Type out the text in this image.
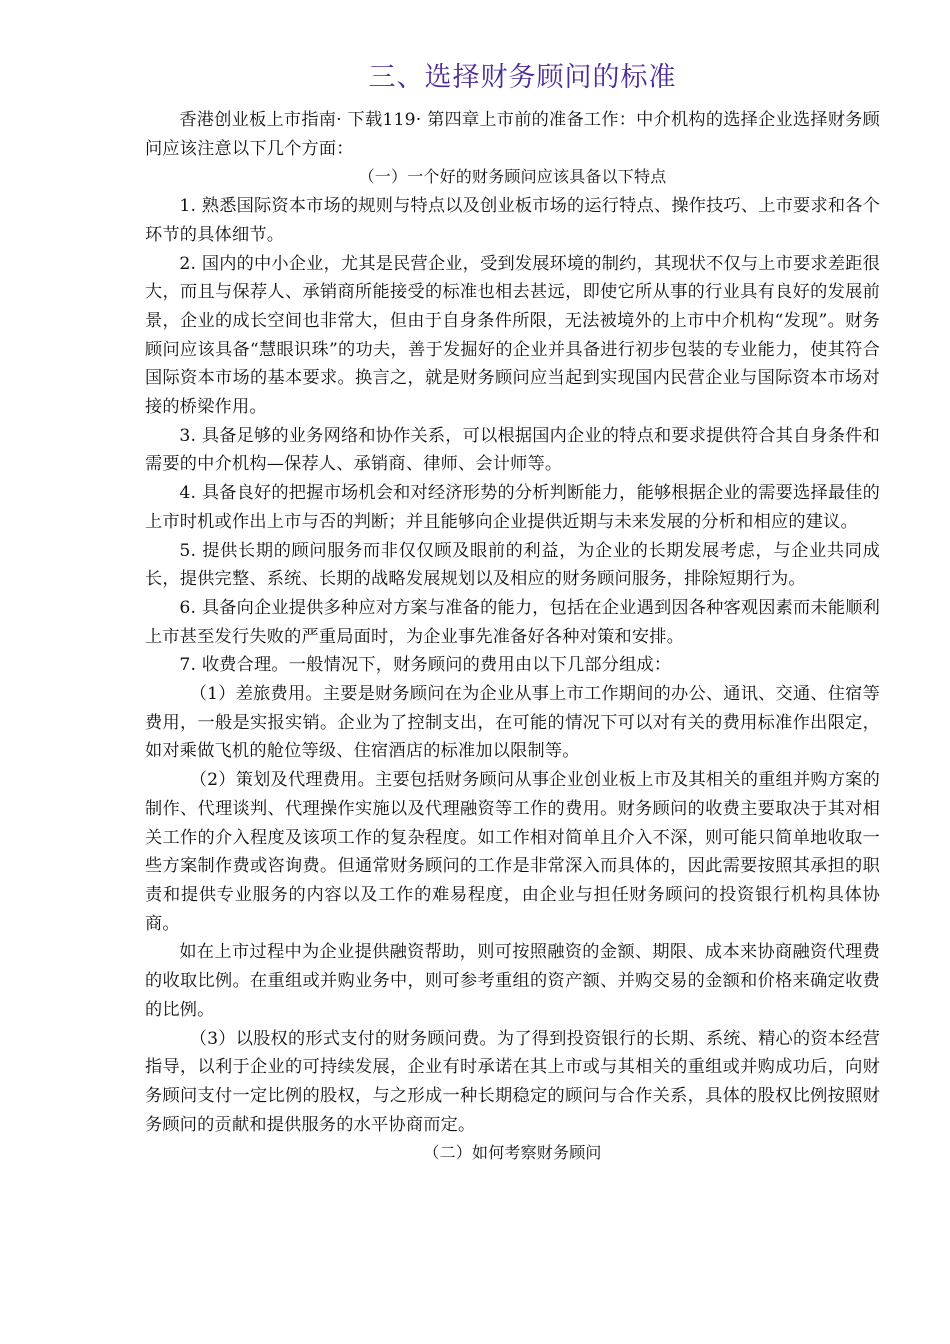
三、选择财务顾问的标准

香港创业板上市指南· 下载119· 第四章上市前的准备工作：中介机构的选择企业选择财务顾问应该注意以下几个方面：

（一）一个好的财务顾问应该具备以下特点

1. 熟悉国际资本市场的规则与特点以及创业板市场的运行特点、操作技巧、上市要求和各个环节的具体细节。

2. 国内的中小企业，尤其是民营企业，受到发展环境的制约，其现状不仅与上市要求差距很大，而且与保荐人、承销商所能接受的标准也相去甚远，即使它所从事的行业具有良好的发展前景，企业的成长空间也非常大，但由于自身条件所限，无法被境外的上市中介机构“发现”。财务顾问应该具备“慧眼识珠”的功夫，善于发掘好的企业并具备进行初步包装的专业能力，使其符合国际资本市场的基本要求。换言之，就是财务顾问应当起到实现国内民营企业与国际资本市场对接的桥梁作用。

3. 具备足够的业务网络和协作关系，可以根据国内企业的特点和要求提供符合其自身条件和需要的中介机构—保荐人、承销商、律师、会计师等。

4. 具备良好的把握市场机会和对经济形势的分析判断能力，能够根据企业的需要选择最佳的上市时机或作出上市与否的判断；并且能够向企业提供近期与未来发展的分析和相应的建议。

5. 提供长期的顾问服务而非仅仅顾及眼前的利益，为企业的长期发展考虑，与企业共同成长，提供完整、系统、长期的战略发展规划以及相应的财务顾问服务，排除短期行为。

6. 具备向企业提供多种应对方案与准备的能力，包括在企业遇到因各种客观因素而未能顺利上市甚至发行失败的严重局面时，为企业事先准备好各种对策和安排。

7. 收费合理。一般情况下，财务顾问的费用由以下几部分组成：

（1）差旅费用。主要是财务顾问在为企业从事上市工作期间的办公、通讯、交通、住宿等费用，一般是实报实销。企业为了控制支出，在可能的情况下可以对有关的费用标准作出限定，如对乘做飞机的舱位等级、住宿酒店的标准加以限制等。

（2）策划及代理费用。主要包括财务顾问从事企业创业板上市及其相关的重组并购方案的制作、代理谈判、代理操作实施以及代理融资等工作的费用。财务顾问的收费主要取决于其对相关工作的介入程度及该项工作的复杂程度。如工作相对简单且介入不深，则可能只简单地收取一些方案制作费或咨询费。但通常财务顾问的工作是非常深入而具体的，因此需要按照其承担的职责和提供专业服务的内容以及工作的难易程度，由企业与担任财务顾问的投资银行机构具体协商。

如在上市过程中为企业提供融资帮助，则可按照融资的金额、期限、成本来协商融资代理费的收取比例。在重组或并购业务中，则可参考重组的资产额、并购交易的金额和价格来确定收费的比例。

（3）以股权的形式支付的财务顾问费。为了得到投资银行的长期、系统、精心的资本经营指导，以利于企业的可持续发展，企业有时承诺在其上市或与其相关的重组或并购成功后，向财务顾问支付一定比例的股权，与之形成一种长期稳定的顾问与合作关系，具体的股权比例按照财务顾问的贡献和提供服务的水平协商而定。

（二）如何考察财务顾问
